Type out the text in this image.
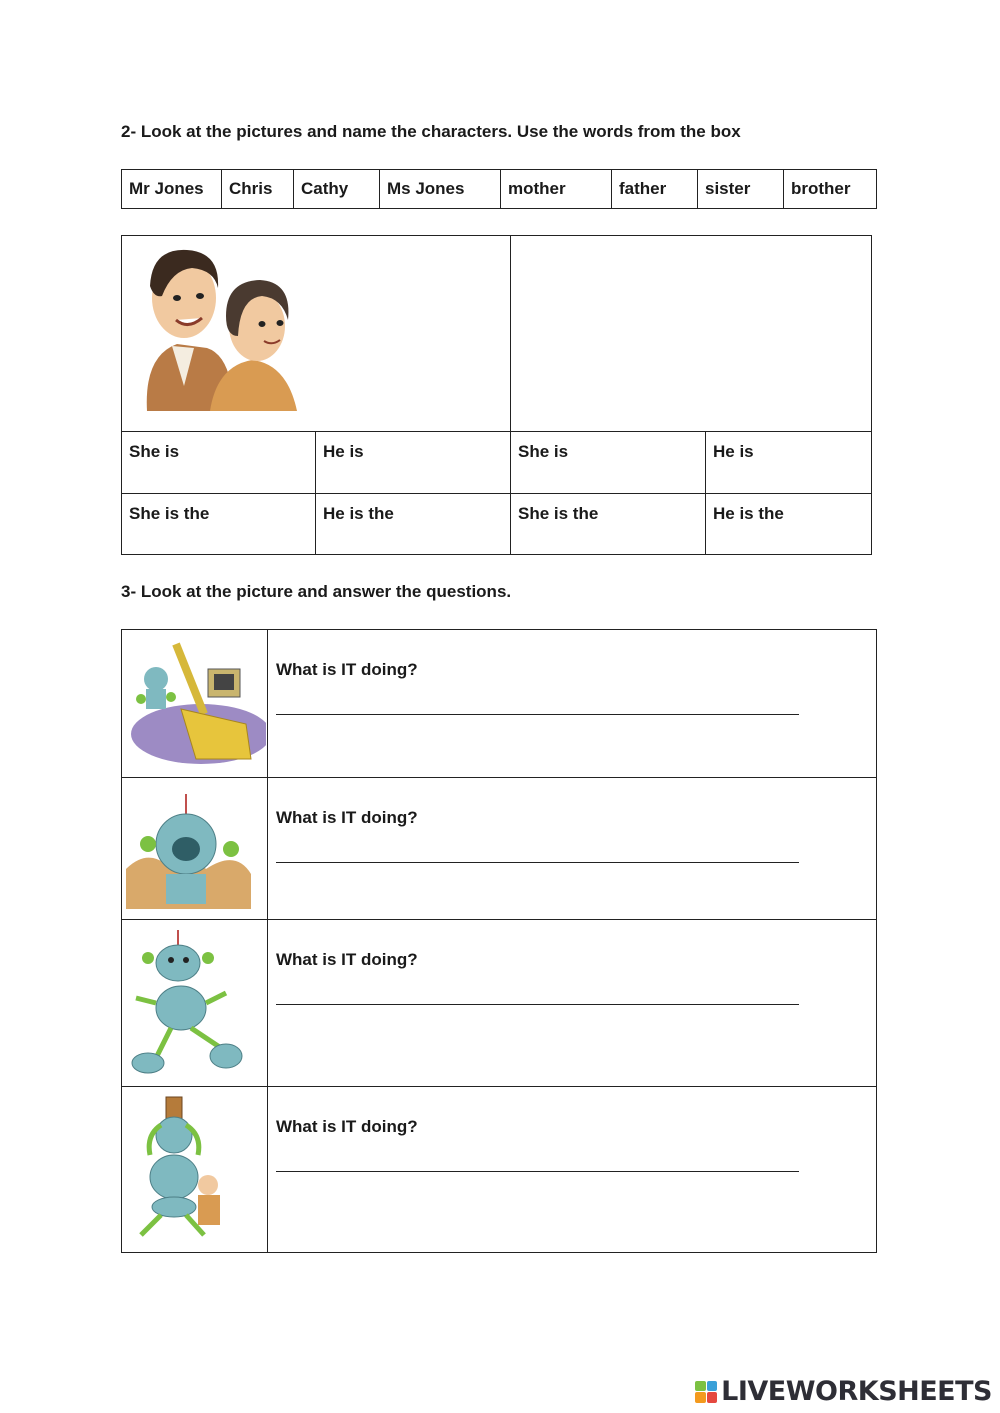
2- Look at the pictures and name the characters. Use the words from the box
Mr Jones	Chris	Cathy	Ms Jones	mother	father	sister	brother

She is	He is	She is	He is
She is the	He is the	She is the	He is the
3- Look at the picture and answer the questions.

What is IT doing?

What is IT doing?

What is IT doing?

What is IT doing?
LIVEWORKSHEETS
